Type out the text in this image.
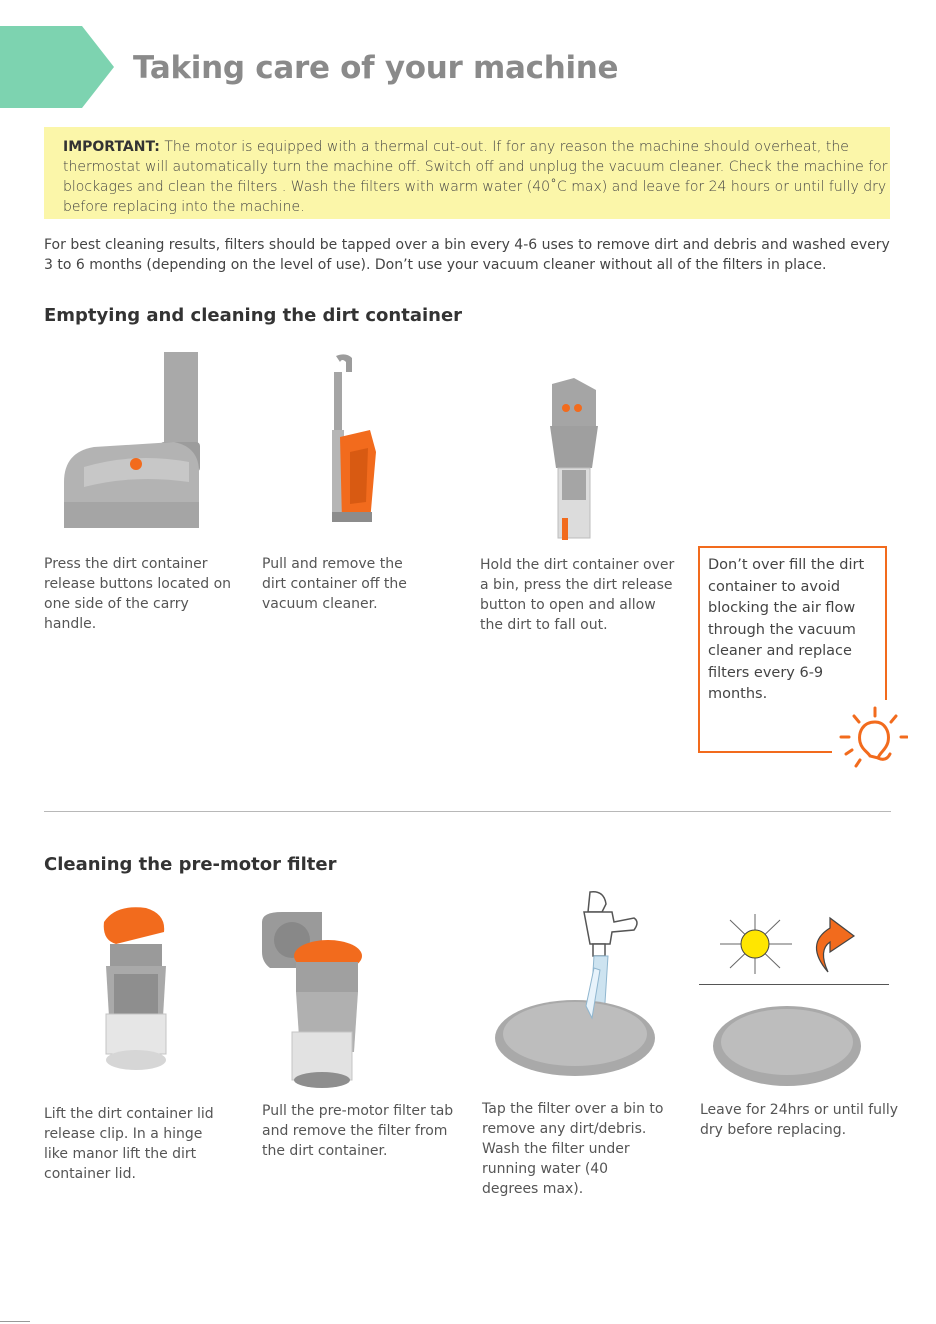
Taking care of your machine
IMPORTANT: The motor is equipped with a thermal cut-out. If for any reason the machine should overheat, the thermostat will automatically turn the machine off. Switch off and unplug the vacuum cleaner. Check the machine for blockages and clean the filters . Wash the filters with warm water (40˚C max) and leave for 24 hours or until fully dry before replacing into the machine.
For best cleaning results, filters should be tapped over a bin every 4-6 uses to remove dirt and debris and washed every 3 to 6 months (depending on the level of use). Don’t use your vacuum cleaner without all of the filters in place.
Emptying and cleaning the dirt container
Press the dirt container release buttons located on one side of the carry handle.
Pull and remove the dirt container off the vacuum cleaner.
Hold the dirt container over a bin, press the dirt release button to open and allow the dirt to fall out.
Don’t over fill the dirt container to avoid blocking the air flow through the vacuum cleaner and replace filters every 6-9 months.
Cleaning the pre-motor filter
Lift the dirt container lid release clip. In a hinge like manor lift the dirt container lid.
Pull the pre-motor filter tab and remove the filter from the dirt container.
Tap the filter over a bin to remove any dirt/debris. Wash the filter under running water (40 degrees max).
Leave for 24hrs or until fully dry before replacing.
